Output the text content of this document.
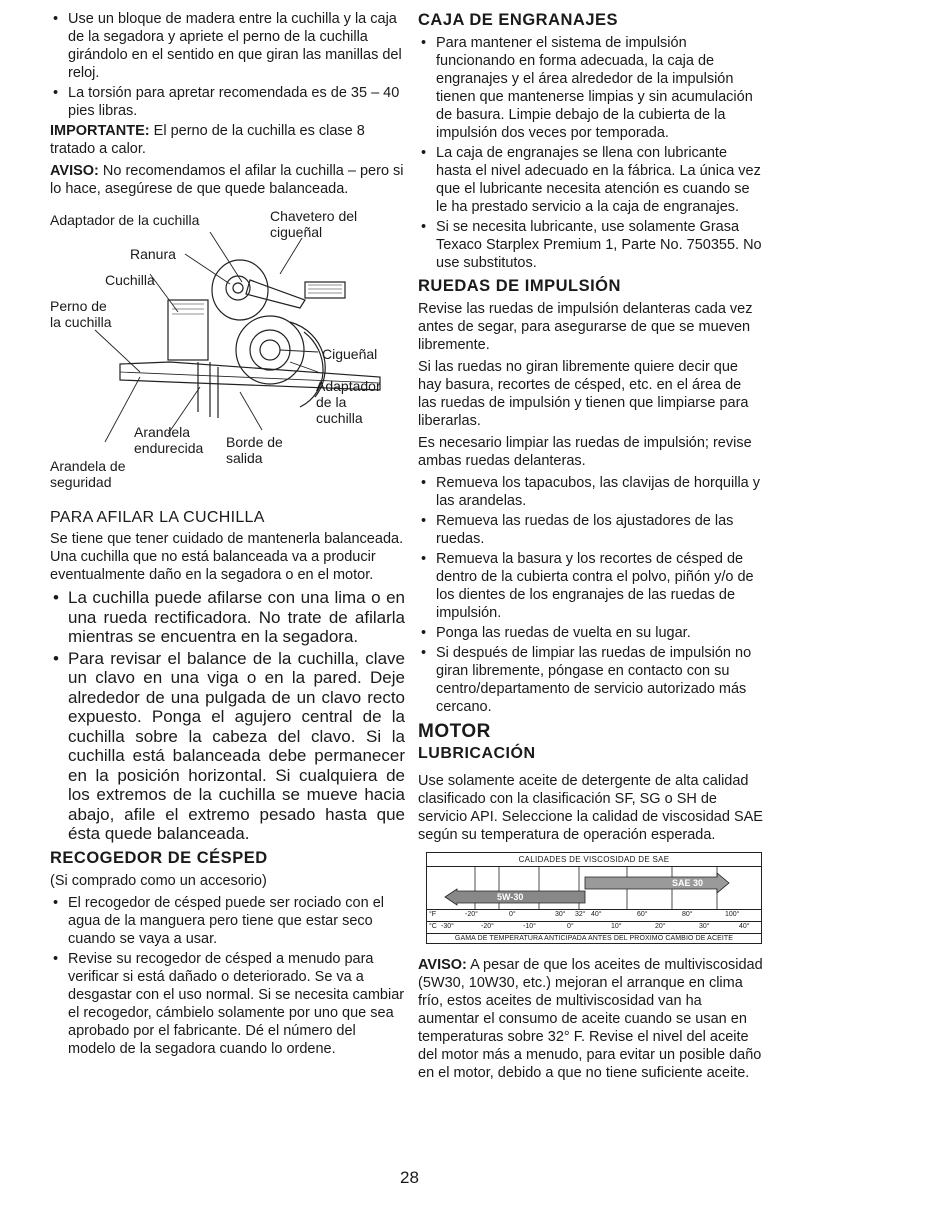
• Use un bloque de madera entre la cuchilla y la caja de la segadora y apriete el perno de la cuchilla girándolo en el sentido en que giran las manillas del reloj.
• La torsión para apretar recomendada es de 35 – 40 pies libras.

IMPORTANTE: El perno de la cuchilla es clase 8 tratado a calor.

AVISO: No recomendamos el afilar la cuchilla – pero si lo hace, asegúrese de que quede balanceada.

Adaptador de la cuchilla	Chavetero del
cigueñal
Ranura
Cuchilla
Perno de
la cuchilla
Cigueñal
Adaptador
de la
cuchilla
Arandela
endurecida Borde de
salida
Arandela de
seguridad
PARA AFILAR LA CUCHILLA

Se tiene que tener cuidado de mantenerla balanceada. Una cuchilla que no está balanceada va a producir eventualmente daño en la segadora o en el motor.

• La cuchilla puede afilarse con una lima o en una rueda rectificadora. No trate de afilarla mientras se encuentra en la segadora.
• Para revisar el balance de la cuchilla, clave un clavo en una viga o en la pared. Deje alrededor de una pulgada de un clavo recto expuesto. Ponga el agujero central de la cuchilla sobre la cabeza del clavo. Si la cuchilla está balanceada debe permanecer en la posición horizontal. Si cualquiera de los extremos de la cuchilla se mueve hacia abajo, afile el extremo pesado hasta que ésta quede balanceada.
RECOGEDOR DE CÉSPED

(Si comprado como un accesorio)

• El recogedor de césped puede ser rociado con el agua de la manguera pero tiene que estar seco cuando se vaya a usar.
• Revise su recogedor de césped a menudo para verificar si está dañado o deteriorado. Se va a desgastar con el uso normal. Si se necesita cambiar el recogedor, cámbielo solamente por uno que sea aprobado por el fabricante. Dé el número del modelo de la segadora cuando lo ordene.
CAJA DE ENGRANAJES
• Para mantener el sistema de impulsión funcionando en forma adecuada, la caja de engranajes y el área alrededor de la impulsión tienen que mantenerse limpias y sin acumulación de basura. Limpie debajo de la cubierta de la impulsión dos veces por temporada.
• La caja de engranajes se llena con lubricante hasta el nivel adecuado en la fábrica. La única vez que el lubricante necesita atención es cuando se le ha prestado servicio a la caja de engranajes.
• Si se necesita lubricante, use solamente Grasa Texaco Starplex Premium 1, Parte No. 750355. No use substitutos.
RUEDAS DE IMPULSIÓN

Revise las ruedas de impulsión delanteras cada vez antes de segar, para asegurarse de que se mueven libremente.

Si las ruedas no giran libremente quiere decir que hay basura, recortes de césped, etc. en el área de las ruedas de impulsión y tienen que limpiarse para liberarlas.

Es necesario limpiar las ruedas de impulsión; revise ambas ruedas delanteras.

• Remueva los tapacubos, las clavijas de horquilla y las arandelas.
• Remueva las ruedas de los ajustadores de las ruedas.
• Remueva la basura y los recortes de césped de dentro de la cubierta contra el polvo, piñón y/o de los dientes de los engranajes de las ruedas de impulsión.
• Ponga las ruedas de vuelta en su lugar.
• Si después de limpiar las ruedas de impulsión no giran libremente, póngase en contacto con su centro/departamento de servicio autorizado más cercano.
MOTOR
LUBRICACIÓN

Use solamente aceite de detergente de alta calidad clasificado con la clasificación SF, SG o SH de servicio API. Seleccione la calidad de viscosidad SAE según su temperatura de operación esperada.

CALIDADES DE VISCOSIDAD DE SAE
5W-30
SAE 30
°F	-20°	0°	30° 32° 40°	60°	80°	100°
°C -30°	-20°	-10°	0°	10°	20°	30°	40°
GAMA DE TEMPERATURA ANTICIPADA ANTES DEL PROXIMO CAMBIO DE ACEITE

AVISO: A pesar de que los aceites de multiviscosidad (5W30, 10W30, etc.) mejoran el arranque en clima frío, estos aceites de multiviscosidad van ha aumentar el consumo de aceite cuando se usan en temperaturas sobre 32° F. Revise el nivel del aceite del motor más a menudo, para evitar un posible daño en el motor, debido a que no tiene suficiente aceite.

28
